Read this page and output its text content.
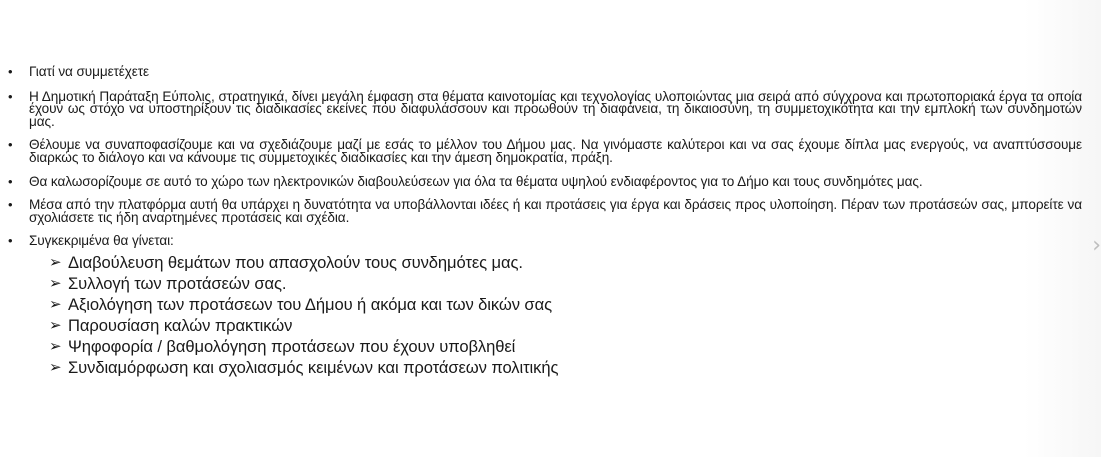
• Γιατί να συμμετέχετε
• Η Δημοτική Παράταξη Εύπολις, στρατηγικά, δίνει μεγάλη έμφαση στα θέματα καινοτομίας και τεχνολογίας υλοποιώντας μια σειρά από σύγχρονα και πρωτοποριακά έργα τα οποία έχουν ως στόχο να υποστηρίξουν τις διαδικασίες εκείνες που διαφυλάσσουν και προωθούν τη διαφάνεια, τη δικαιοσύνη, τη συμμετοχικότητα και την εμπλοκή των συνδημοτών μας.
• Θέλουμε να συναποφασίζουμε και να σχεδιάζουμε μαζί με εσάς το μέλλον του Δήμου μας. Να γινόμαστε καλύτεροι και να σας έχουμε δίπλα μας ενεργούς, να αναπτύσσουμε διαρκώς το διάλογο και να κάνουμε τις συμμετοχικές διαδικασίες και την άμεση δημοκρατία, πράξη.
• Θα καλωσορίζουμε σε αυτό το χώρο των ηλεκτρονικών διαβουλεύσεων για όλα τα θέματα υψηλού ενδιαφέροντος για το Δήμο και τους συνδημότες μας.
• Μέσα από την πλατφόρμα αυτή θα υπάρχει η δυνατότητα να υποβάλλονται ιδέες ή και προτάσεις για έργα και δράσεις προς υλοποίηση. Πέραν των προτάσεών σας, μπορείτε να σχολιάσετε τις ήδη αναρτημένες προτάσεις και σχέδια.
• Συγκεκριμένα θα γίνεται:
➢ Διαβούλευση θεμάτων που απασχολούν τους συνδημότες μας.
➢ Συλλογή των προτάσεών σας.
➢ Αξιολόγηση των προτάσεων του Δήμου ή ακόμα και των δικών σας
➢ Παρουσίαση καλών πρακτικών
➢ Ψηφοφορία / βαθμολόγηση προτάσεων που έχουν υποβληθεί
➢ Συνδιαμόρφωση και σχολιασμός κειμένων και προτάσεων πολιτικής
›
